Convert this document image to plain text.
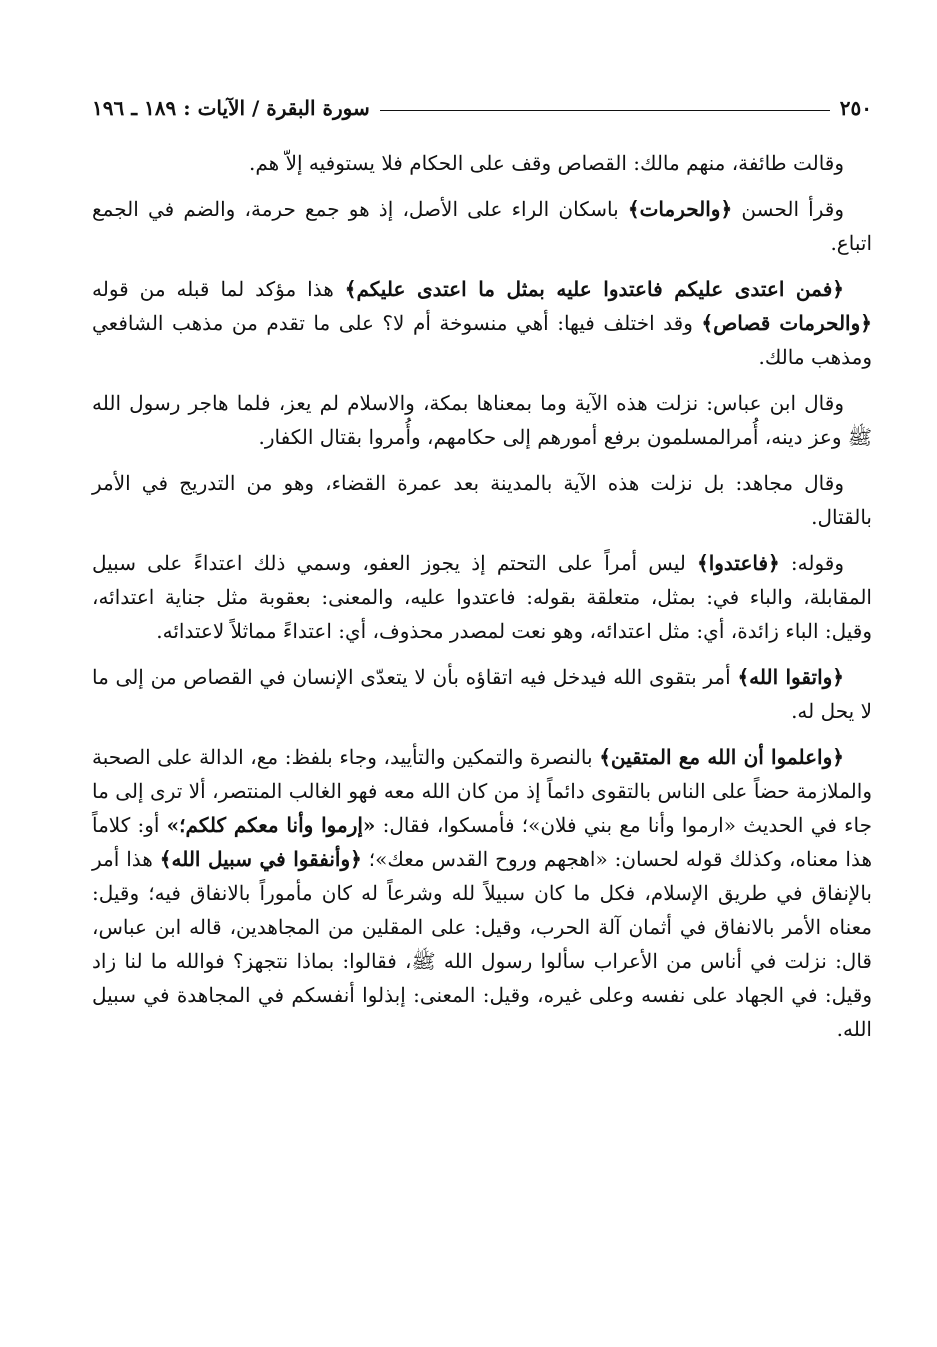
٢٥٠
سورة البقرة / الآيات : ١٨٩ ـ ١٩٦

وقالت طائفة، منهم مالك: القصاص وقف على الحكام فلا يستوفيه إلاّ هم.

وقرأ الحسن ﴿والحرمات﴾ باسكان الراء على الأصل، إذ هو جمع حرمة، والضم في الجمع اتباع.

﴿فمن اعتدى عليكم فاعتدوا عليه بمثل ما اعتدى عليكم﴾ هذا مؤكد لما قبله من قوله ﴿والحرمات قصاص﴾ وقد اختلف فيها: أهي منسوخة أم لا؟ على ما تقدم من مذهب الشافعي ومذهب مالك.

وقال ابن عباس: نزلت هذه الآية وما بمعناها بمكة، والاسلام لم يعز، فلما هاجر رسول الله ﷺ وعز دينه، أُمرالمسلمون برفع أمورهم إلى حكامهم، وأُمروا بقتال الكفار.

وقال مجاهد: بل نزلت هذه الآية بالمدينة بعد عمرة القضاء، وهو من التدريج في الأمر بالقتال.

وقوله: ﴿فاعتدوا﴾ ليس أمراً على التحتم إذ يجوز العفو، وسمي ذلك اعتداءً على سبيل المقابلة، والباء في: بمثل، متعلقة بقوله: فاعتدوا عليه، والمعنى: بعقوبة مثل جناية اعتدائه، وقيل: الباء زائدة، أي: مثل اعتدائه، وهو نعت لمصدر محذوف، أي: اعتداءً مماثلاً لاعتدائه.

﴿واتقوا الله﴾ أمر بتقوى الله فيدخل فيه اتقاؤه بأن لا يتعدّى الإنسان في القصاص من إلى ما لا يحل له.

﴿واعلموا أن الله مع المتقين﴾ بالنصرة والتمكين والتأييد، وجاء بلفظ: مع، الدالة على الصحبة والملازمة حضاً على الناس بالتقوى دائماً إذ من كان الله معه فهو الغالب المنتصر، ألا ترى إلى ما جاء في الحديث «ارموا وأنا مع بني فلان»؛ فأمسكوا، فقال: «إرموا وأنا معكم كلكم؛» أو: كلاماً هذا معناه، وكذلك قوله لحسان: «اهجهم وروح القدس معك»؛ ﴿وأنفقوا في سبيل الله﴾ هذا أمر بالإنفاق في طريق الإسلام، فكل ما كان سبيلاً لله وشرعاً له كان مأموراً بالانفاق فيه؛ وقيل: معناه الأمر بالانفاق في أثمان آلة الحرب، وقيل: على المقلين من المجاهدين، قاله ابن عباس، قال: نزلت في أناس من الأعراب سألوا رسول الله ﷺ، فقالوا: بماذا نتجهز؟ فوالله ما لنا زاد وقيل: في الجهاد على نفسه وعلى غيره، وقيل: المعنى: إبذلوا أنفسكم في المجاهدة في سبيل الله.
